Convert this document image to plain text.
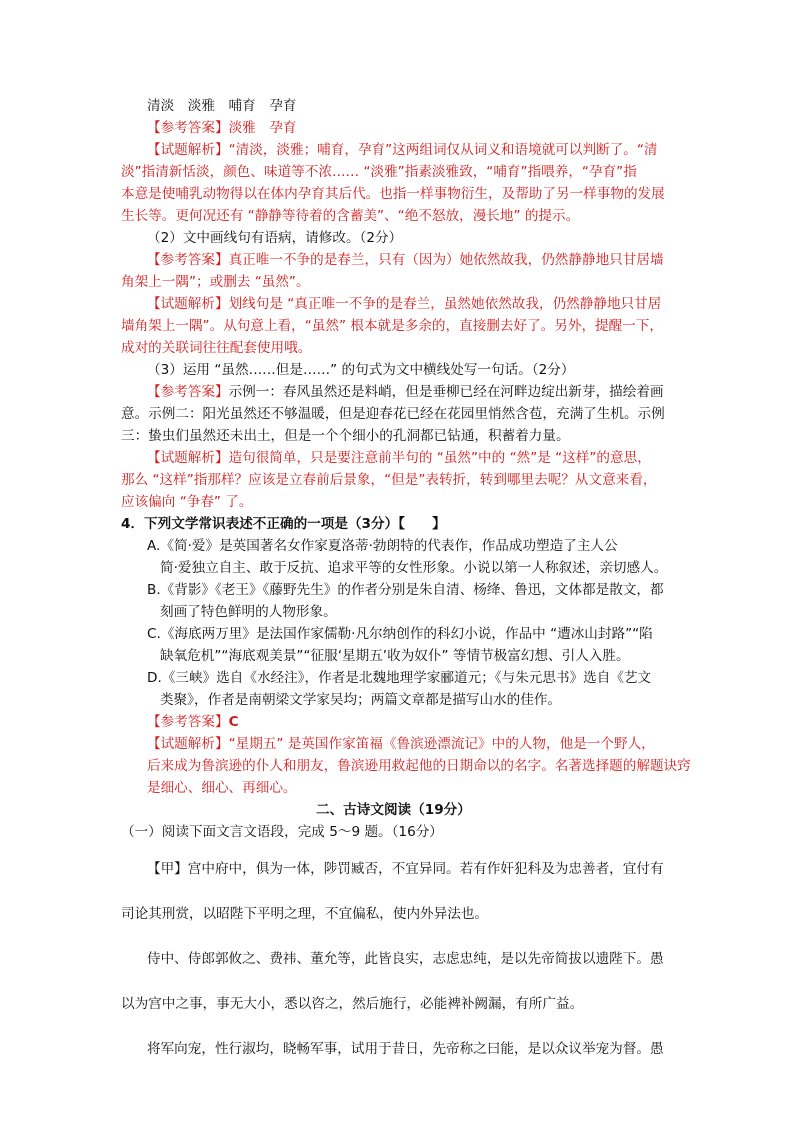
清淡　淡雅　哺育　孕育
【参考答案】淡雅　孕育
【试题解析】“清淡，淡雅；哺育，孕育”这两组词仅从词义和语境就可以判断了。“清
淡”指清新恬淡，颜色、味道等不浓…… “淡雅”指素淡雅致，“哺育”指喂养，“孕育”指
本意是使哺乳动物得以在体内孕育其后代。也指一样事物衍生，及帮助了另一样事物的发展
生长等。更何况还有 “静静等待着的含蓄美”、“绝不怒放，漫长地” 的提示。
（2）文中画线句有语病，请修改。（2分）
【参考答案】真正唯一不争的是春兰，只有（因为）她依然故我，仍然静静地只甘居墙
角架上一隅”；或删去 “虽然”。
【试题解析】划线句是 “真正唯一不争的是春兰，虽然她依然故我，仍然静静地只甘居
墙角架上一隅”。从句意上看，“虽然” 根本就是多余的，直接删去好了。另外，提醒一下，
成对的关联词往往配套使用哦。
（3）运用 “虽然……但是……” 的句式为文中横线处写一句话。（2分）
【参考答案】示例一：春风虽然还是料峭，但是垂柳已经在河畔边绽出新芽，描绘着画
意。示例二：阳光虽然还不够温暖，但是迎春花已经在花园里悄然含苞，充满了生机。示例
三：蛰虫们虽然还未出土，但是一个个细小的孔洞都已钻通，积蓄着力量。
【试题解析】造句很简单，只是要注意前半句的 “虽然”中的 “然”是 “这样”的意思，
那么 “这样”指那样？应该是立春前后景象，“但是”表转折，转到哪里去呢？从文意来看，
应该偏向 “争春” 了。
4．下列文学常识表述不正确的一项是（3分）【　　】
A.《简·爱》是英国著名女作家夏洛蒂·勃朗特的代表作，作品成功塑造了主人公
简·爱独立自主、敢于反抗、追求平等的女性形象。小说以第一人称叙述，亲切感人。
B.《背影》《老王》《藤野先生》的作者分别是朱自清、杨绛、鲁迅，文体都是散文，都
刻画了特色鲜明的人物形象。
C.《海底两万里》是法国作家儒勒·凡尔纳创作的科幻小说，作品中 “遭冰山封路”“陷
缺氧危机”“海底观美景”“征服‘星期五’收为奴仆” 等情节极富幻想、引人入胜。
D.《三峡》选自《水经注》，作者是北魏地理学家郦道元；《与朱元思书》选自《艺文
类聚》，作者是南朝梁文学家吴均；两篇文章都是描写山水的佳作。
【参考答案】C
【试题解析】“星期五” 是英国作家笛福《鲁滨逊漂流记》中的人物，他是一个野人，
后来成为鲁滨逊的仆人和朋友，鲁滨逊用救起他的日期命以的名字。名著选择题的解题诀窍
是细心、细心、再细心。
二、古诗文阅读（19分）
（一）阅读下面文言文语段，完成 5～9 题。（16分）
【甲】宫中府中，俱为一体，陟罚臧否，不宜异同。若有作奸犯科及为忠善者，宜付有
司论其刑赏，以昭陛下平明之理，不宜偏私，使内外异法也。
侍中、侍郎郭攸之、费祎、董允等，此皆良实，志虑忠纯，是以先帝简拔以遗陛下。愚
以为宫中之事，事无大小，悉以咨之，然后施行，必能裨补阙漏，有所广益。
将军向宠，性行淑均，晓畅军事，试用于昔日，先帝称之曰能，是以众议举宠为督。愚
